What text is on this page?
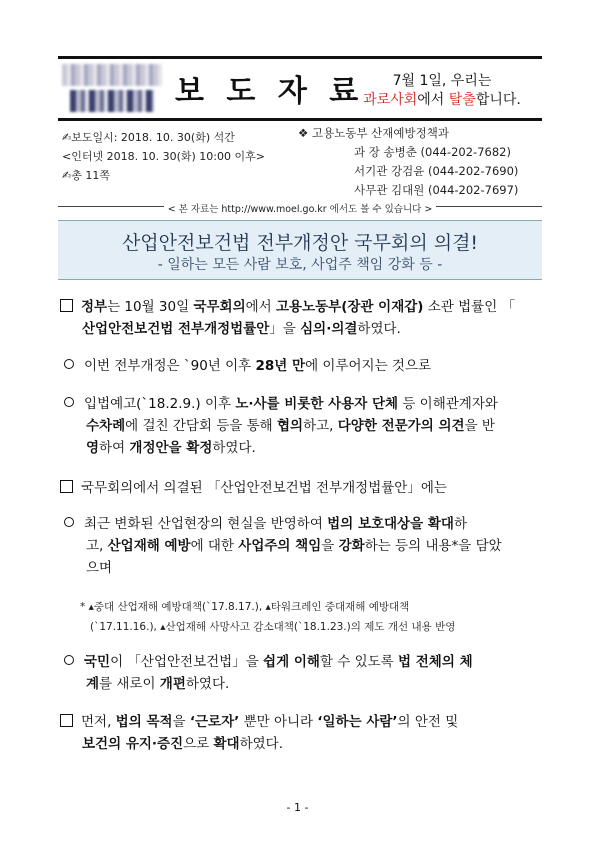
보 도 자 료	7월 1일, 우리는
과로사회에서 탈출합니다.
✍보도일시: 2018. 10. 30(화) 석간
<인터넷 2018. 10. 30(화) 10:00 이후>
✍총 11쪽
❖ 고용노동부 산재예방정책과
과 장 송병춘 (044-202-7682)
서기관 강검윤 (044-202-7690)
사무관 김대원 (044-202-7697)
< 본 자료는 http://www.moel.go.kr 에서도 볼 수 있습니다 >
산업안전보건법 전부개정안 국무회의 의결!
- 일하는 모든 사람 보호, 사업주 책임 강화 등 -
정부는 10월 30일 국무회의에서 고용노동부(장관 이재갑) 소관 법률인 「
산업안전보건법 전부개정법률안」을 심의·의결하였다.
이번 전부개정은 `90년 이후 28년 만에 이루어지는 것으로
입법예고(`18.2.9.) 이후 노·사를 비롯한 사용자 단체 등 이해관계자와
수차례에 걸친 간담회 등을 통해 협의하고, 다양한 전문가의 의견을 반
영하여 개정안을 확정하였다.
국무회의에서 의결된 「산업안전보건법 전부개정법률안」에는
최근 변화된 산업현장의 현실을 반영하여 법의 보호대상을 확대하
고, 산업재해 예방에 대한 사업주의 책임을 강화하는 등의 내용*을 담았
으며
* ▴중대 산업재해 예방대책(`17.8.17.), ▴타워크레인 중대재해 예방대책
(`17.11.16.), ▴산업재해 사망사고 감소대책(`18.1.23.)의 제도 개선 내용 반영
국민이 「산업안전보건법」을 쉽게 이해할 수 있도록 법 전체의 체
계를 새로이 개편하였다.
먼저, 법의 목적을 ‘근로자’ 뿐만 아니라 ‘일하는 사람’의 안전 및
보건의 유지·증진으로 확대하였다.
- 1 -
